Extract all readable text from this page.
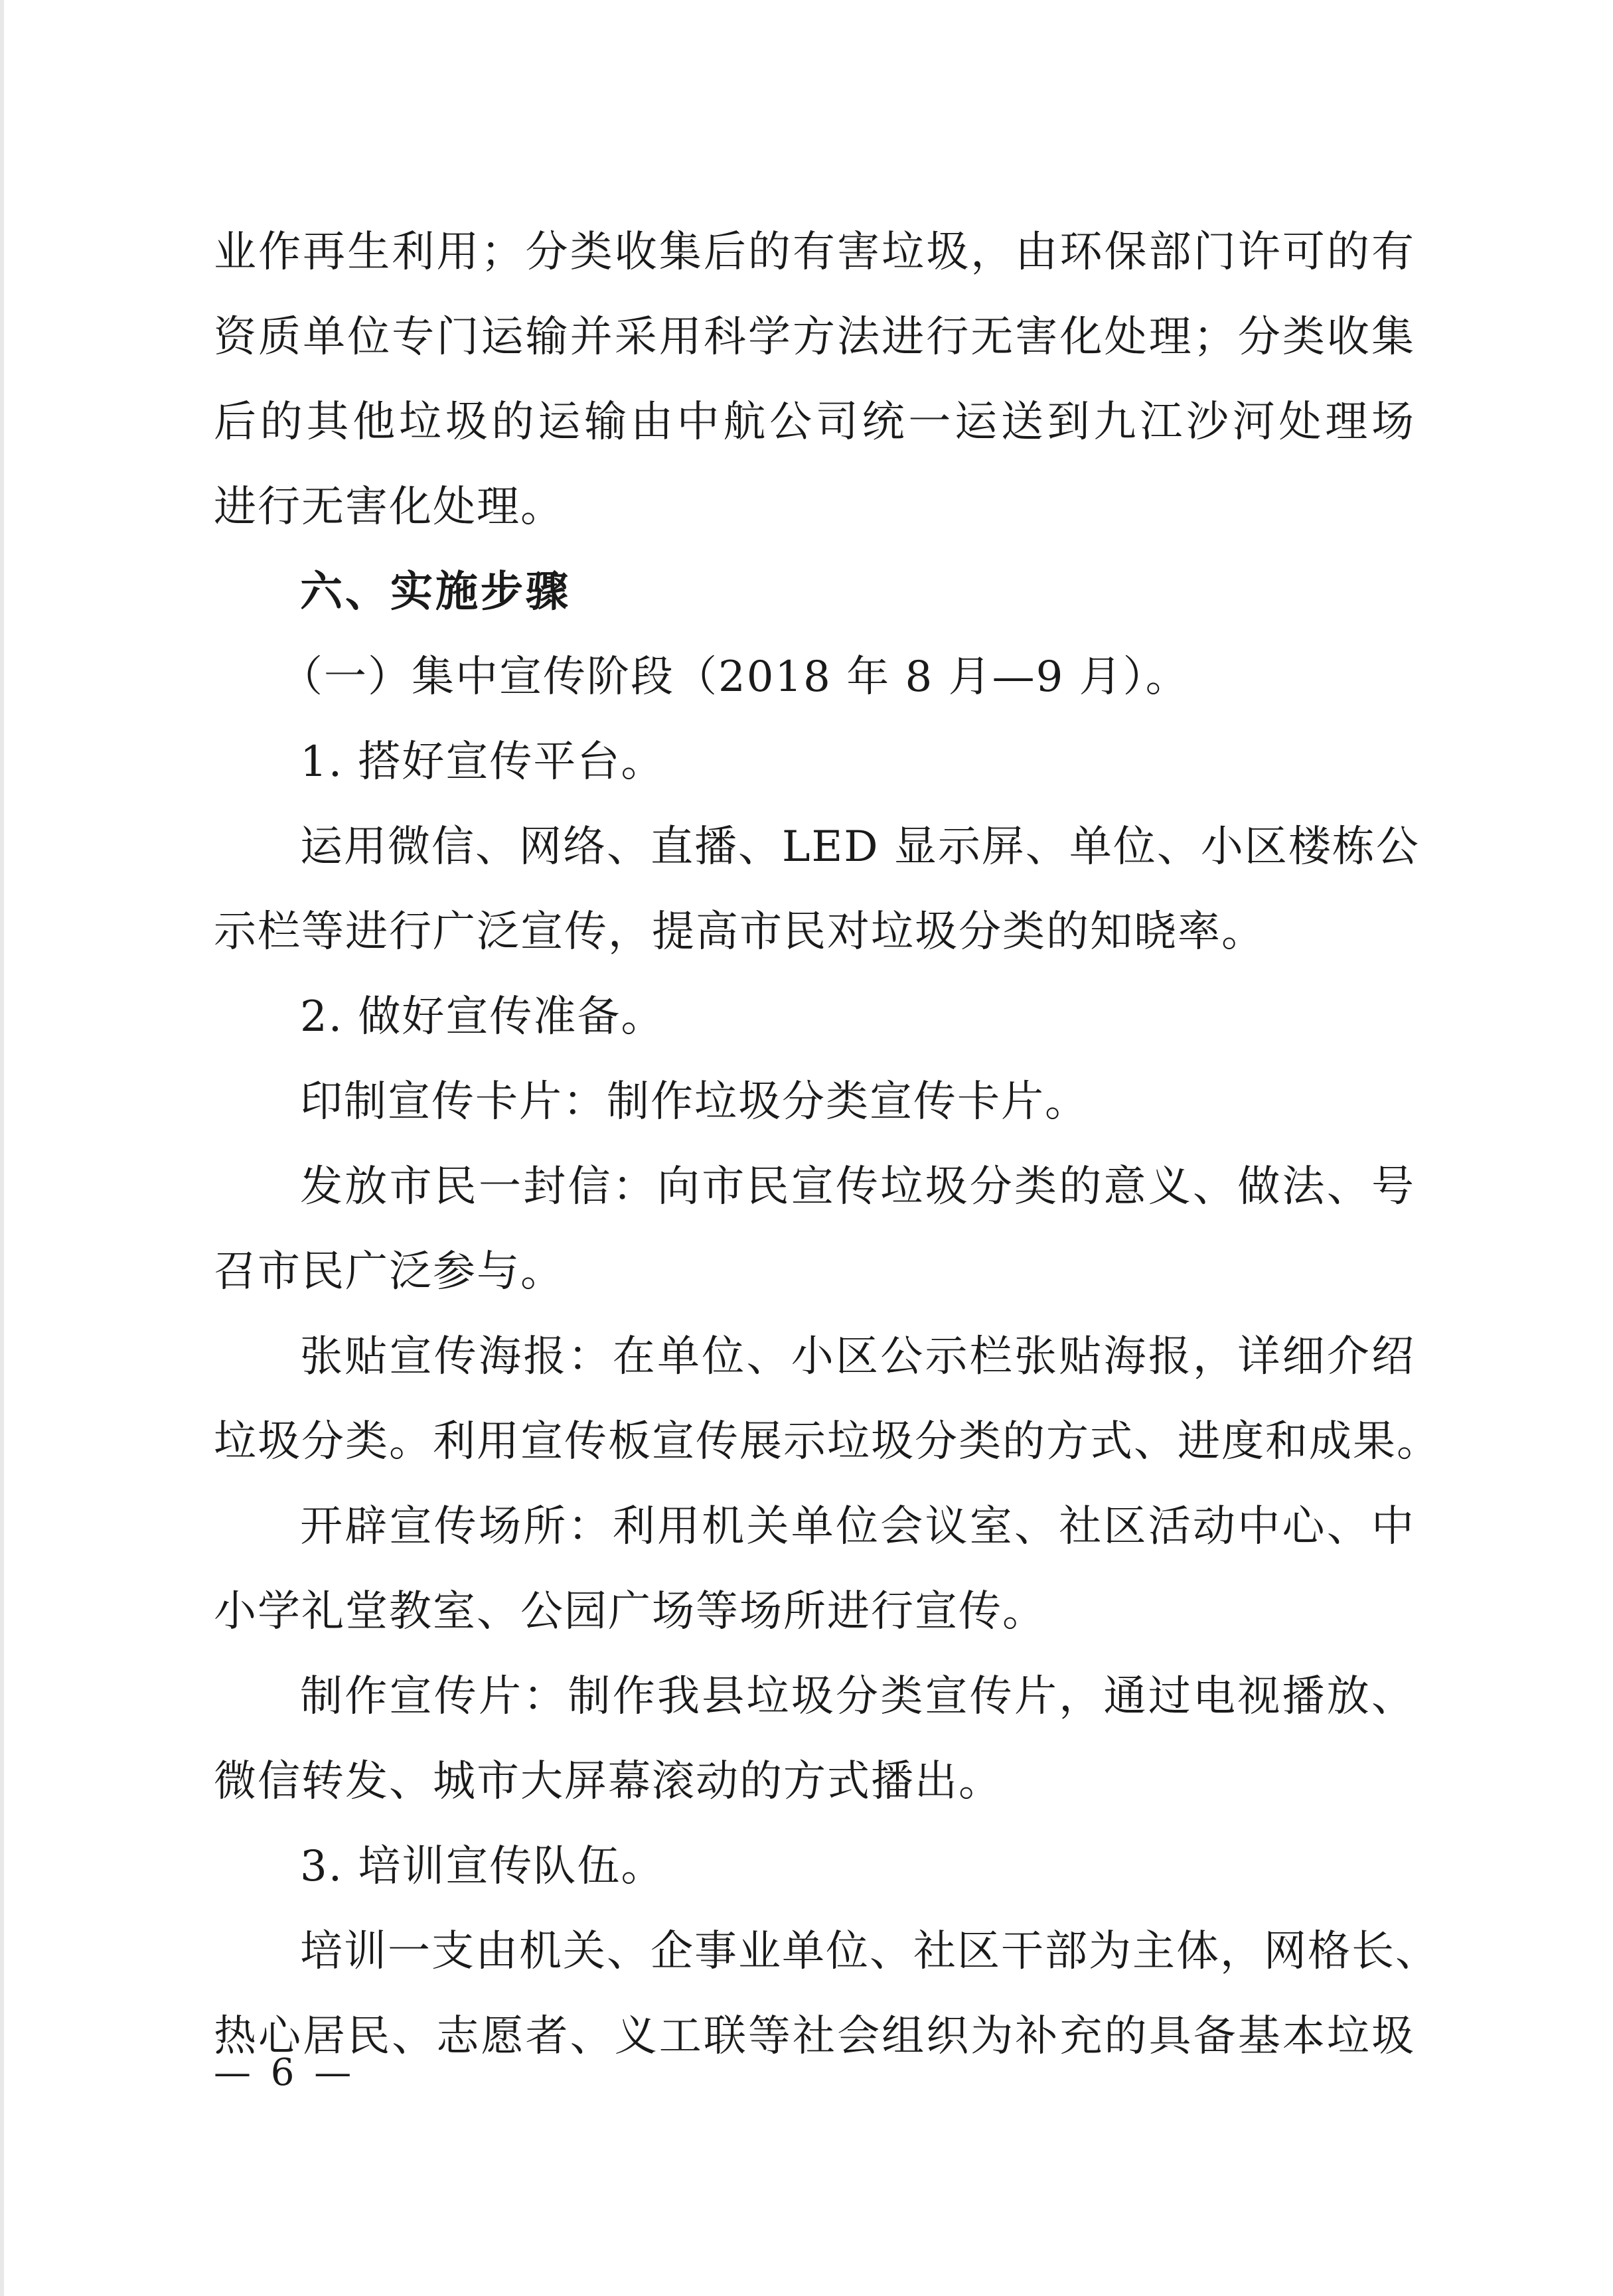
业作再生利用；分类收集后的有害垃圾，由环保部门许可的有
资质单位专门运输并采用科学方法进行无害化处理；分类收集
后的其他垃圾的运输由中航公司统一运送到九江沙河处理场
进行无害化处理。
六、实施步骤
（一）集中宣传阶段（2018 年 8 月—9 月）。
1. 搭好宣传平台。
运用微信、网络、直播、LED 显示屏、单位、小区楼栋公
示栏等进行广泛宣传，提高市民对垃圾分类的知晓率。
2. 做好宣传准备。
印制宣传卡片：制作垃圾分类宣传卡片。
发放市民一封信：向市民宣传垃圾分类的意义、做法、号
召市民广泛参与。
张贴宣传海报：在单位、小区公示栏张贴海报，详细介绍
垃圾分类。利用宣传板宣传展示垃圾分类的方式、进度和成果。
开辟宣传场所：利用机关单位会议室、社区活动中心、中
小学礼堂教室、公园广场等场所进行宣传。
制作宣传片：制作我县垃圾分类宣传片，通过电视播放、
微信转发、城市大屏幕滚动的方式播出。
3. 培训宣传队伍。
培训一支由机关、企事业单位、社区干部为主体，网格长、
热心居民、志愿者、义工联等社会组织为补充的具备基本垃圾
— 6 —
